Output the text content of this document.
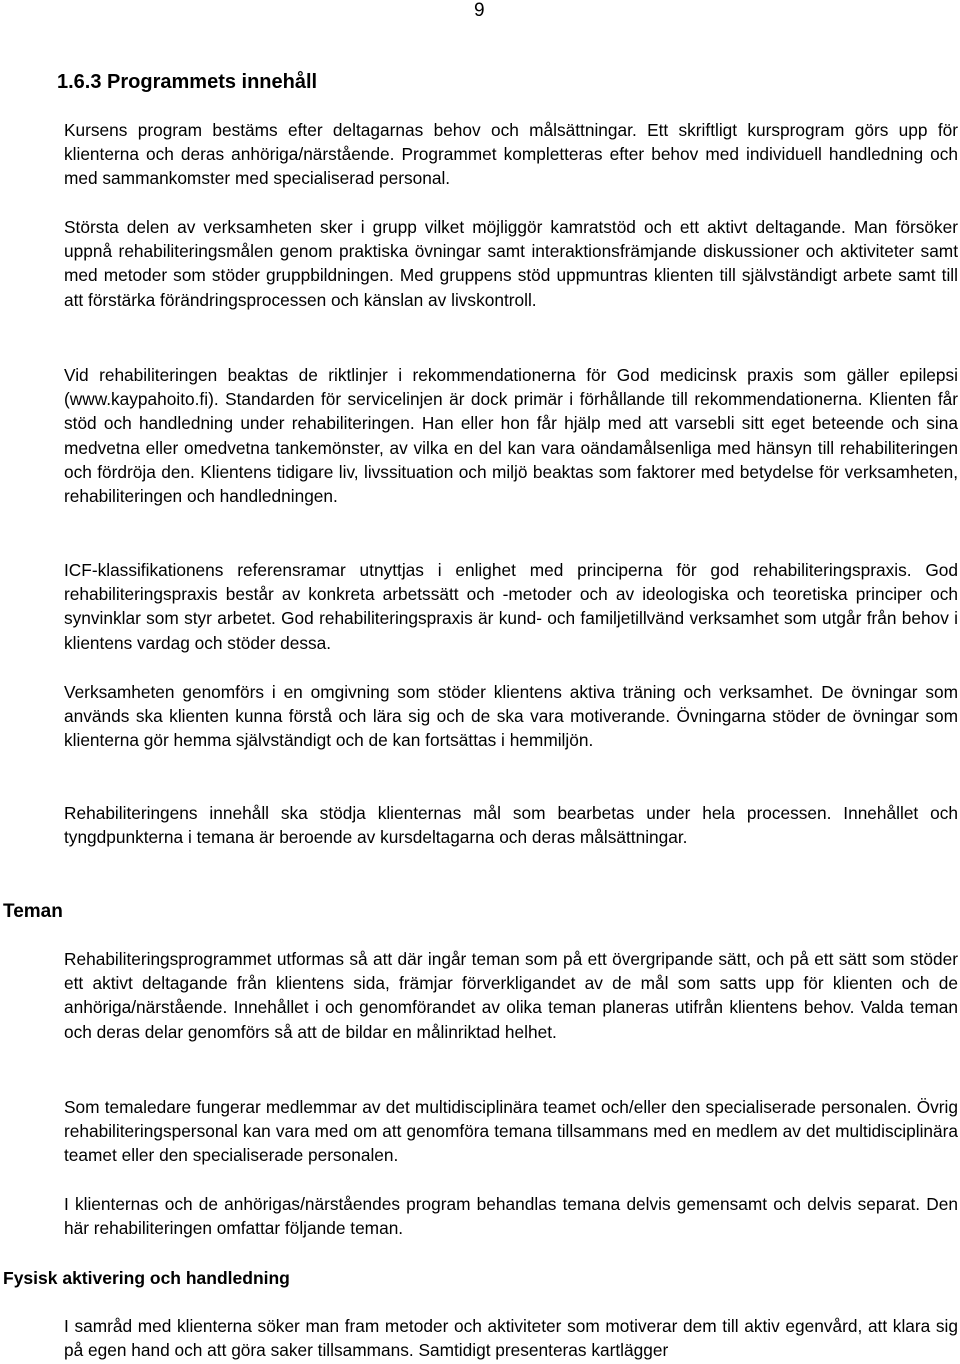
9
1.6.3 Programmets innehåll

Kursens program bestäms efter deltagarnas behov och målsättningar. Ett skriftligt kursprogram görs upp för klienterna och deras anhöriga/närstående. Programmet kompletteras efter behov med individuell handledning och med sammankomster med specialiserad personal.

Största delen av verksamheten sker i grupp vilket möjliggör kamratstöd och ett aktivt deltagande. Man försöker uppnå rehabiliteringsmålen genom praktiska övningar samt interaktionsfrämjande diskussioner och aktiviteter samt med metoder som stöder gruppbildningen. Med gruppens stöd uppmuntras klienten till självständigt arbete samt till att förstärka förändringsprocessen och känslan av livskontroll.

Vid rehabiliteringen beaktas de riktlinjer i rekommendationerna för God medicinsk praxis som gäller epilepsi (www.kaypahoito.fi). Standarden för servicelinjen är dock primär i förhållande till rekommendationerna. Klienten får stöd och handledning under rehabiliteringen. Han eller hon får hjälp med att varsebli sitt eget beteende och sina medvetna eller omedvetna tankemönster, av vilka en del kan vara oändamålsenliga med hänsyn till rehabiliteringen och fördröja den. Klientens tidigare liv, livssituation och miljö beaktas som faktorer med betydelse för verksamheten, rehabiliteringen och handledningen.

ICF-klassifikationens referensramar utnyttjas i enlighet med principerna för god rehabiliteringspraxis. God rehabiliteringspraxis består av konkreta arbetssätt och -metoder och av ideologiska och teoretiska principer och synvinklar som styr arbetet. God rehabiliteringspraxis är kund- och familjetillvänd verksamhet som utgår från behov i klientens vardag och stöder dessa.

Verksamheten genomförs i en omgivning som stöder klientens aktiva träning och verksamhet. De övningar som används ska klienten kunna förstå och lära sig och de ska vara motiverande. Övningarna stöder de övningar som klienterna gör hemma självständigt och de kan fortsättas i hemmiljön.

Rehabiliteringens innehåll ska stödja klienternas mål som bearbetas under hela processen. Innehållet och tyngdpunkterna i temana är beroende av kursdeltagarna och deras målsättningar.

Teman

Rehabiliteringsprogrammet utformas så att där ingår teman som på ett övergripande sätt, och på ett sätt som stöder ett aktivt deltagande från klientens sida, främjar förverkligandet av de mål som satts upp för klienten och de anhöriga/närstående. Innehållet i och genomförandet av olika teman planeras utifrån klientens behov. Valda teman och deras delar genomförs så att de bildar en målinriktad helhet.

Som temaledare fungerar medlemmar av det multidisciplinära teamet och/eller den specialiserade personalen. Övrig rehabiliteringspersonal kan vara med om att genomföra temana tillsammans med en medlem av det multidisciplinära teamet eller den specialiserade personalen.

I klienternas och de anhörigas/närståendes program behandlas temana delvis gemensamt och delvis separat. Den här rehabiliteringen omfattar följande teman.

Fysisk aktivering och handledning

I samråd med klienterna söker man fram metoder och aktiviteter som motiverar dem till aktiv egenvård, att klara sig på egen hand och att göra saker tillsammans. Samtidigt presenteras kartlägger
